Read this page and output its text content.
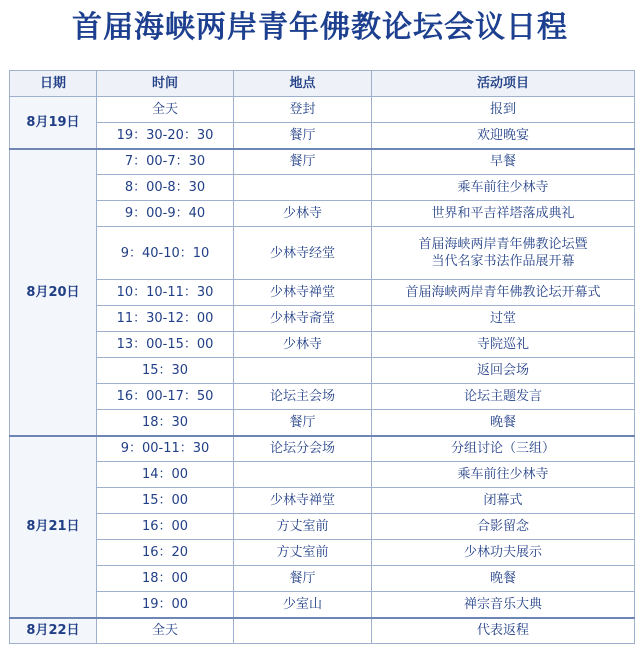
首届海峡两岸青年佛教论坛会议日程
日期	时间	地点	活动项目
8月19日	全天	登封	报到

	19：30-20：30	餐厅	欢迎晚宴

8月20日	7：00-7：30	餐厅	早餐

	8：00-8：30		乘车前往少林寺

	9：00-9：40	少林寺	世界和平吉祥塔落成典礼

	9：40-10：10	少林寺经堂	首届海峡两岸青年佛教论坛暨
当代名家书法作品展开幕

	10：10-11：30	少林寺禅堂	首届海峡两岸青年佛教论坛开幕式

	11：30-12：00	少林寺斋堂	过堂

	13：00-15：00	少林寺	寺院巡礼

	15：30		返回会场

	16：00-17：50	论坛主会场	论坛主题发言

	18：30	餐厅	晚餐

8月21日	9：00-11：30	论坛分会场	分组讨论（三组）

	14：00		乘车前往少林寺

	15：00	少林寺禅堂	闭幕式

	16：00	方丈室前	合影留念

	16：20	方丈室前	少林功夫展示

	18：00	餐厅	晚餐

	19：00	少室山	禅宗音乐大典

8月22日	全天		代表返程
